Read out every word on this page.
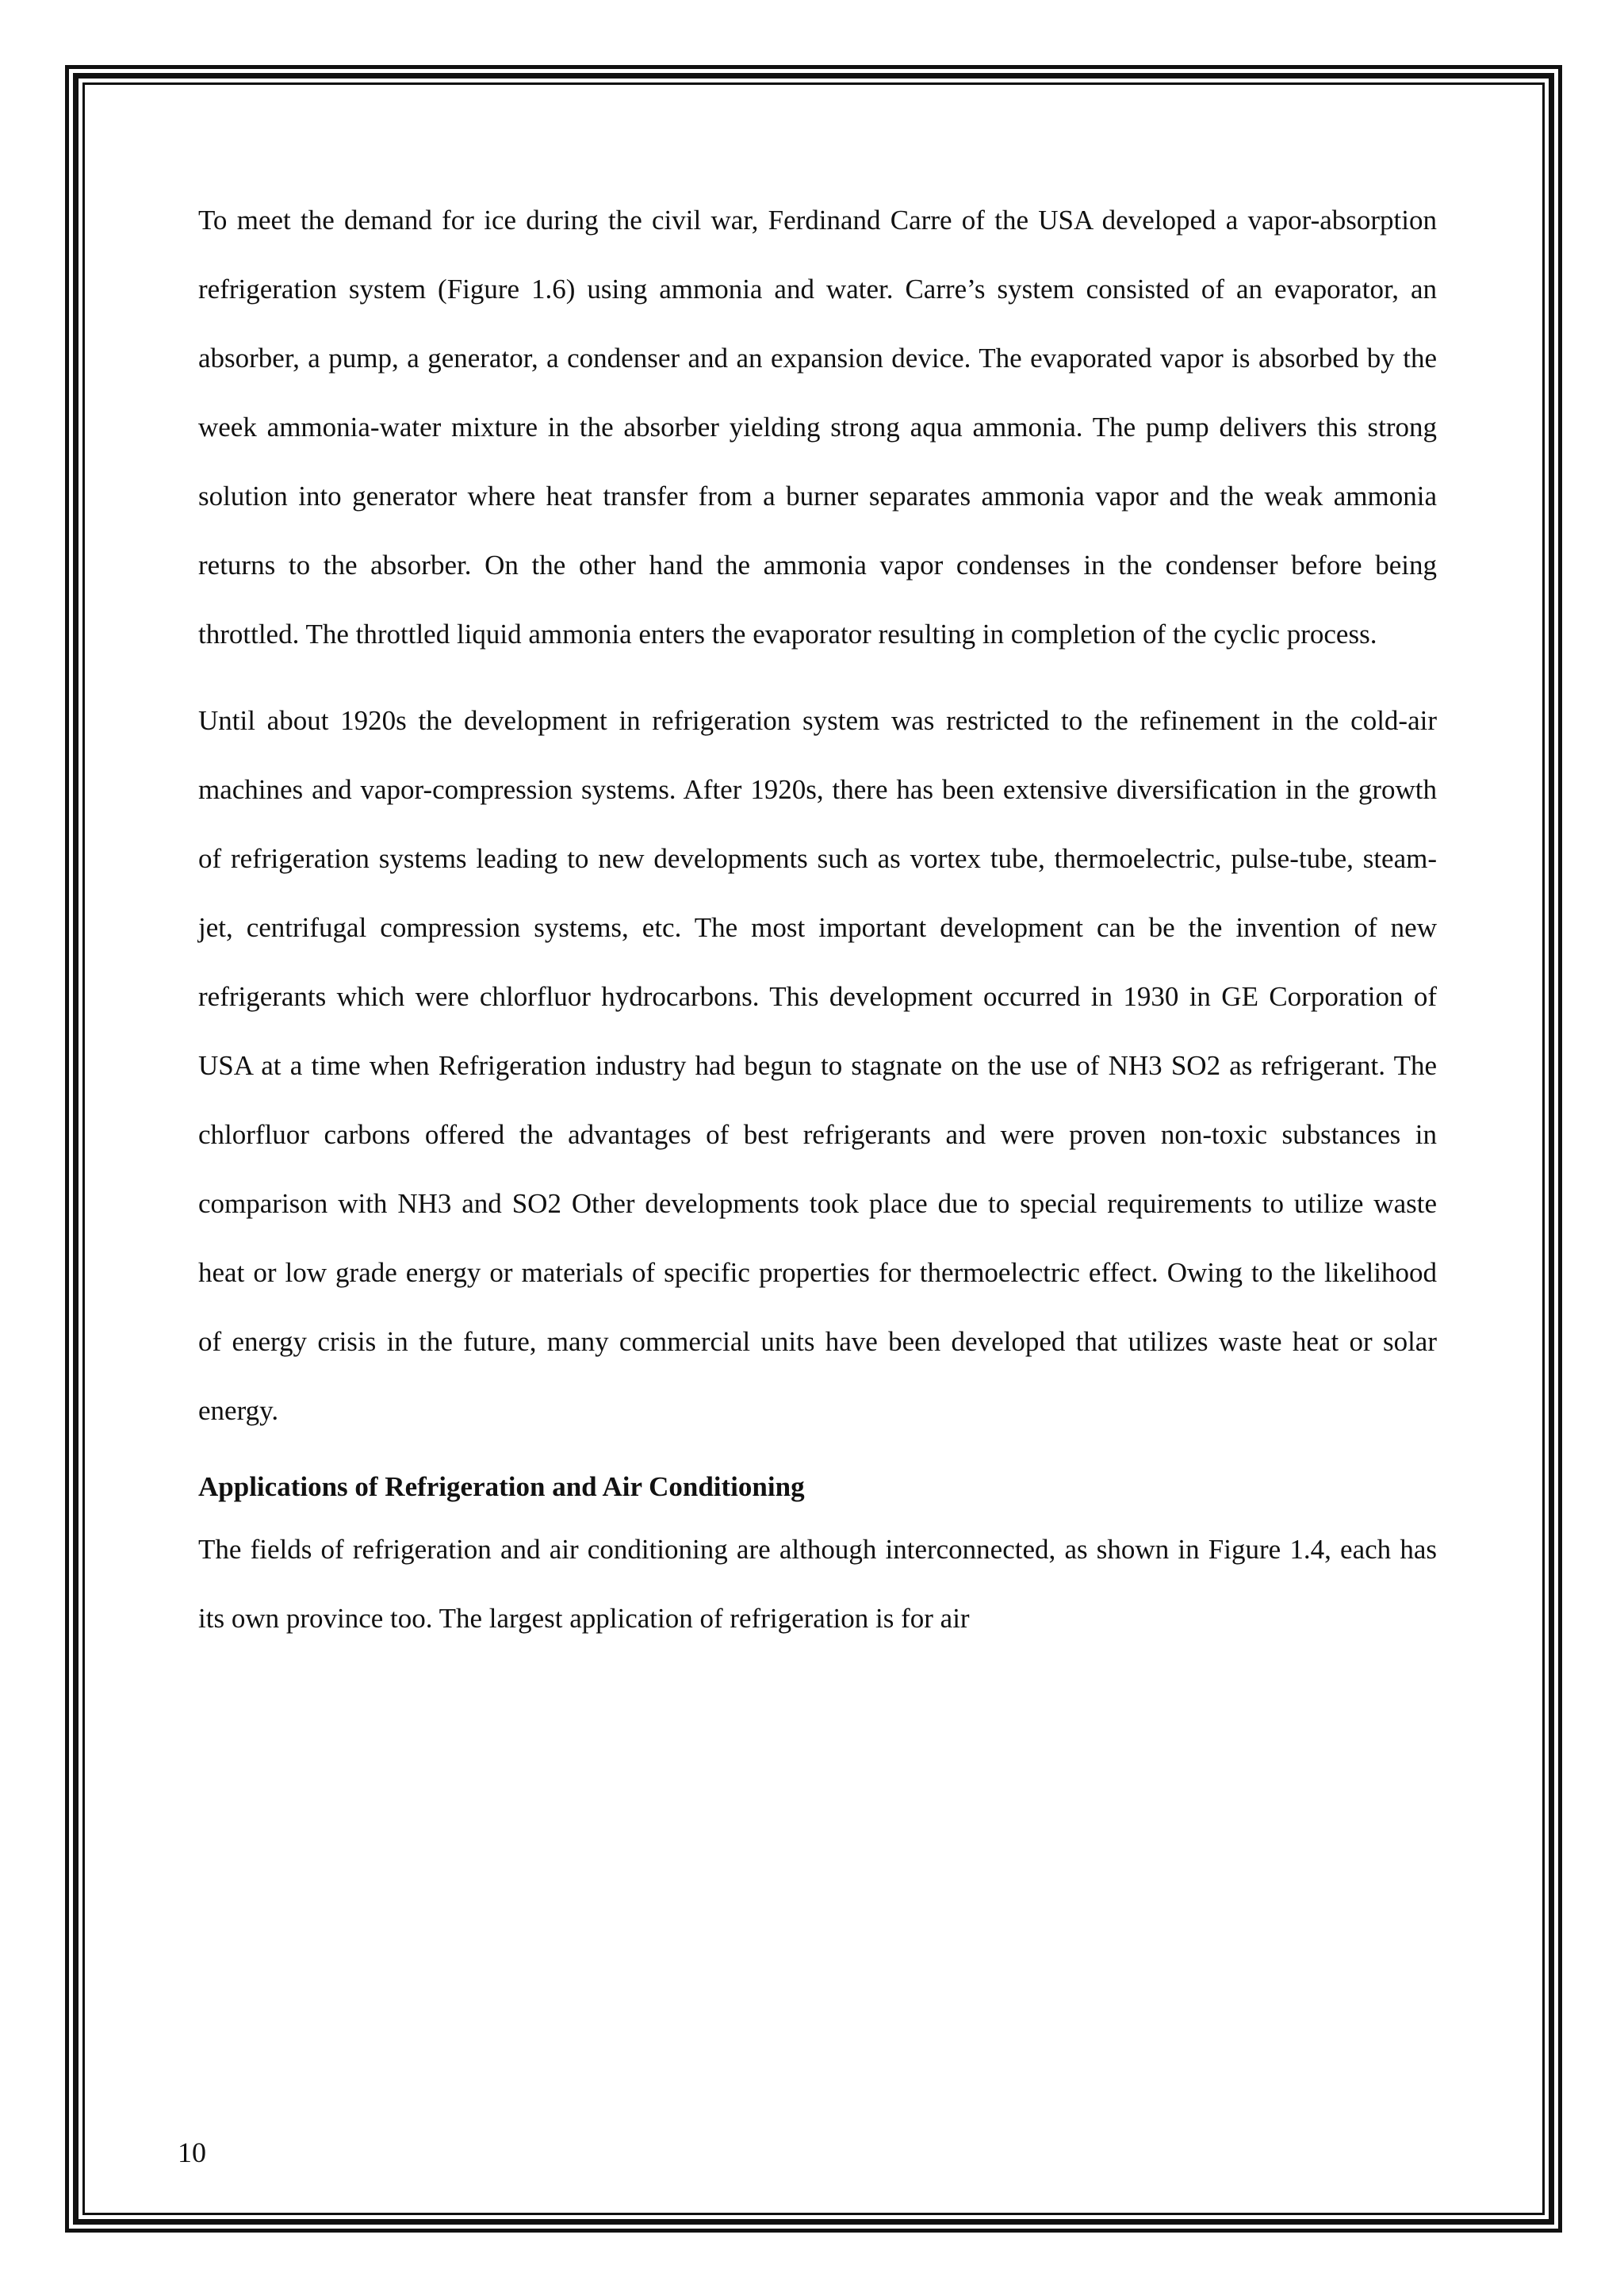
To meet the demand for ice during the civil war, Ferdinand Carre of the USA developed a vapor-absorption refrigeration system (Figure 1.6) using ammonia and water. Carre’s system consisted of an evaporator, an absorber, a pump, a generator, a condenser and an expansion device. The evaporated vapor is absorbed by the week ammonia-water mixture in the absorber yielding strong aqua ammonia. The pump delivers this strong solution into generator where heat transfer from a burner separates ammonia vapor and the weak ammonia returns to the absorber. On the other hand the ammonia vapor condenses in the condenser before being throttled. The throttled liquid ammonia enters the evaporator resulting in completion of the cyclic process.

Until about 1920s the development in refrigeration system was restricted to the refinement in the cold-air machines and vapor-compression systems. After 1920s, there has been extensive diversification in the growth of refrigeration systems leading to new developments such as vortex tube, thermoelectric, pulse-tube, steam-jet, centrifugal compression systems, etc. The most important development can be the invention of new refrigerants which were chlorfluor hydrocarbons. This development occurred in 1930 in GE Corporation of USA at a time when Refrigeration industry had begun to stagnate on the use of NH3 SO2 as refrigerant. The chlorfluor carbons offered the advantages of best refrigerants and were proven non-toxic substances in comparison with NH3 and SO2 Other developments took place due to special requirements to utilize waste heat or low grade energy or materials of specific properties for thermoelectric effect. Owing to the likelihood of energy crisis in the future, many commercial units have been developed that utilizes waste heat or solar energy.

Applications of Refrigeration and Air Conditioning

The fields of refrigeration and air conditioning are although interconnected, as shown in Figure 1.4, each has its own province too. The largest application of refrigeration is for air

10
